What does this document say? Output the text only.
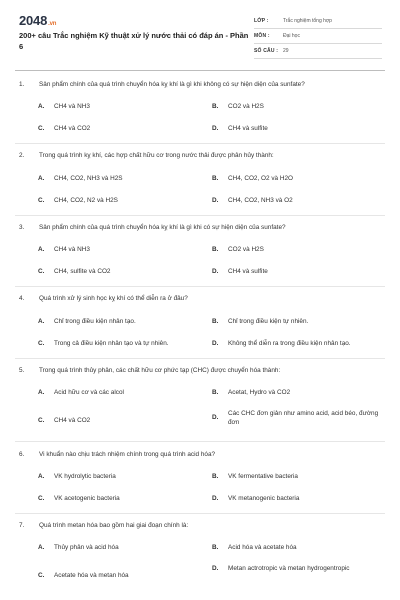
2048.vn
200+ câu Trắc nghiệm Kỹ thuật xử lý nước thải có đáp án - Phần 6
LỚP :	Trắc nghiệm tổng hợp
MÔN :	Đại học
SỐ CÂU : 29
1. Sản phẩm chính của quá trình chuyển hóa kỵ khí là gì khi không có sự hiện diện của sunfate?
A.	CH4 và NH3	B.	CO2 và H2S
C.	CH4 và CO2	D.	CH4 và sulfite
2. Trong quá trình kỵ khí, các hợp chất hữu cơ trong nước thải được phân hủy thành:
A.	CH4, CO2, NH3 và H2S	B.	CH4, CO2, O2 và H2O
C.	CH4, CO2, N2 và H2S	D.	CH4, CO2, NH3 và O2
3. Sản phẩm chính của quá trình chuyển hóa kỵ khí là gì khi có sự hiện diện của sunfate?
A.	CH4 và NH3	B.	CO2 và H2S
C.	CH4, sulfite và CO2	D.	CH4 và sulfite
4. Quá trình xử lý sinh học kỵ khí có thể diễn ra ở đâu?
A.	Chỉ trong điều kiện nhân tạo.	B.	Chỉ trong điều kiện tự nhiên.
C.	Trong cả điều kiện nhân tạo và tự nhiên.	D.	Không thể diễn ra trong điều kiện nhân tạo.
5. Trong quá trình thủy phân, các chất hữu cơ phức tạp (CHC) được chuyển hóa thành:
A.	Acid hữu cơ và các alcol	B.	Acetat, Hydro và CO2
C.	CH4 và CO2	D.
Các CHC đơn giản như amino acid, acid béo, đường đơn
6. Vi khuẩn nào chịu trách nhiệm chính trong quá trình acid hóa?
A.	VK hydrolytic bacteria	B.	VK fermentative bacteria
C.	VK acetogenic bacteria	D.	VK metanogenic bacteria
7. Quá trình metan hóa bao gồm hai giai đoạn chính là:
A.	Thủy phân và acid hóa	B.	Acid hóa và acetate hóa
C.	Acetate hóa và metan hóa
D.	Metan actrotropic và metan hydrogentropic
